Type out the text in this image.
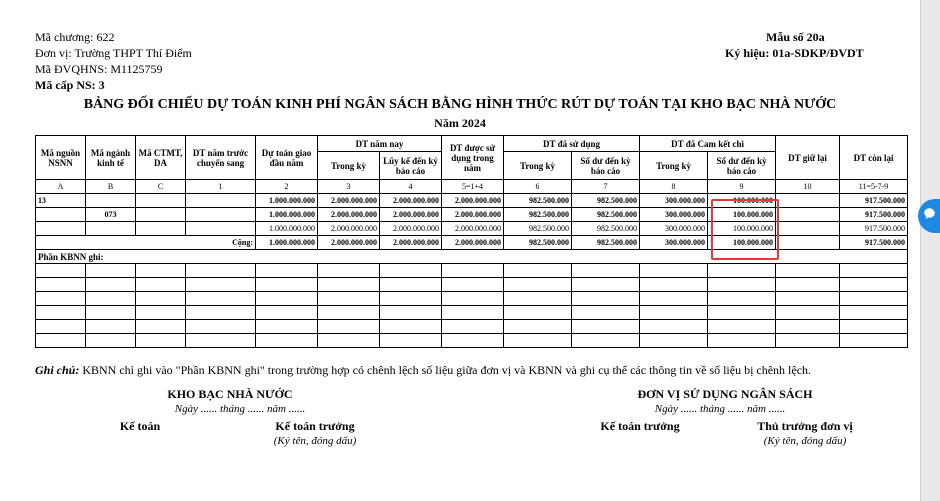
Mã chương: 622
Đơn vị: Trường THPT Thí Điểm
Mã ĐVQHNS: M1125759
Mã cấp NS: 3
Mẫu số 20a
Ký hiệu: 01a-SDKP/ĐVDT
BẢNG ĐỐI CHIẾU DỰ TOÁN KINH PHÍ NGÂN SÁCH BẰNG HÌNH THỨC RÚT DỰ TOÁN TẠI KHO BẠC NHÀ NƯỚC
Năm 2024
Mã nguồn NSNN	Mã ngành kinh tế	Mã CTMT, DA	DT năm trước chuyển sang	Dự toán giao đầu năm	DT năm nay		DT được sử dụng trong năm	DT đã sử dụng		DT đã Cam kết chi		DT giữ lại	DT còn lại
					Trong kỳ	Lũy kế đến kỳ báo cáo		Trong kỳ	Số dư đến kỳ báo cáo	Trong kỳ	Số dư đến kỳ báo cáo		
A	B	C	1	2	3	4	5=1+4	6	7	8	9	10	11=5-7-9
13				1.000.000.000	2.000.000.000	2.000.000.000	2.000.000.000	982.500.000	982.500.000	300.000.000	100.000.000		917.500.000
	073			1.000.000.000	2.000.000.000	2.000.000.000	2.000.000.000	982.500.000	982.500.000	300.000.000	100.000.000		917.500.000
				1.000.000.000	2.000.000.000	2.000.000.000	2.000.000.000	982.500.000	982.500.000	300.000.000	100.000.000		917.500.000
Cộng:				1.000.000.000	2.000.000.000	2.000.000.000	2.000.000.000	982.500.000	982.500.000	300.000.000	100.000.000		917.500.000
Phần KBNN ghi:													

Ghi chú: KBNN chỉ ghi vào "Phần KBNN ghi" trong trường hợp có chênh lệch số liệu giữa đơn vị và KBNN và ghi cụ thể các thông tin về số liệu bị chênh lệch.
KHO BẠC NHÀ NƯỚC
Ngày ...... tháng ...... năm ......
Kế toán	Kế toán trưởng
(Ký tên, đóng dấu)
ĐƠN VỊ SỬ DỤNG NGÂN SÁCH
Ngày ...... tháng ...... năm ......
Kế toán trưởng	Thủ trưởng đơn vị
(Ký tên, đóng dấu)
